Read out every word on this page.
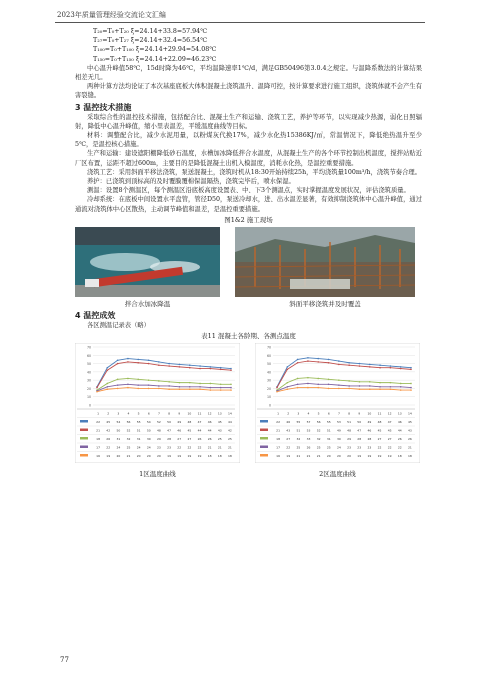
2023年质量管理经验交流论文汇编
T₂₀=T₀+T₂₀ ξ=24.14+33.8=57.94℃
T₂₇=T₀+T₂₇ ξ=24.14+32.4=56.54℃
T₁₀₀=T₀+T₁₀₀ ξ=24.14+29.94=54.08℃
T₁₅₀=T₀+T₁₅₀ ξ=24.14+22.09=46.23℃

中心温升峰值58℃，15d时降为46℃，平均温降速率1℃/d，满足GB50496第3.0.4之规定。与温降系数法的计算结果相差无几。

两种计算方法均论证了本次基座底板大体积混凝土浇筑温升、温降可控，按计算要求进行施工组织，浇筑体就不会产生有害裂缝。

3 温控技术措施

采取综合性的温控技术措施，包括配合比、混凝土生产和运输、浇筑工艺，养护等环节，以实现减少热源，弱化日照辐射，降低中心温升峰值，缩小里表温差，平缓温度曲线等目标。

材料：调整配合比，减少水泥用量，以粉煤灰代换17%，减少水化热15386KJ/㎡，常温情况下，降低绝热温升至少5℃，是温控核心措施。

生产和运输：建设遮阳棚降低砂石温度，水槽加冰降低拌合水温度，从混凝土生产的各个环节控制出机温度，搅拌站贴近厂区布置，运距不超过600m，主要目的是降低混凝土出机入模温度，消耗水化热，是温控重要措施。

浇筑工艺：采用斜面平移法浇筑，泵送混凝土，浇筑时机从18:30开始持续25h，平均浇筑量100m³/h，浇筑节奏合理。

养护：已浇筑到顶标高的及时覆膜覆棉保温隔热，浇筑完毕后，喷水保湿。

测温：设置8个测温区，每个测温区沿底板高度设置表、中、下3个测温点，实时掌握温度发展状况，评估浇筑质量。

冷却系统：在底板中间设置水平盘管，管径D50，泵送冷却水，进、出水温差显著，有效抑制浇筑体中心温升峰值，通过通流对浇筑体中心区散热，主动调节峰值和温差，是温控重要措施。

图1&2 施工现场
拌合水加冰降温	斜面平移浇筑并及时覆盖
4 温控成效
各区测温记录表（略）
表11 混凝土各龄期、各测点温度
0
10
20
30
40
50
60
70
1	2	3	4	5	6	7	8	9 10 11 12 13 14
22 45 54 56 55 54 52 50 49 48 47 46 45 44
21 42 50 52 51 50 48 47 46 45 44 44 43 42
18 26 31 32 31 30 29 28 27 27 26 26 25 25
17 22 24 25 24 24 23 23 22 22 22 21 21 21
16 19 20 21 20 20 20 19 19 19 19 18 18 18
0
10
20
30
40
50
60
70
1	2	3	4	5	6	7	8	9 10 11 12 13 14
22 46 55 57 56 55 53 51 50 49 48 47 46 45
21 43 51 53 52 51 49 48 47 46 45 45 44 43
18 27 32 33 32 31 30 29 28 28 27 27 26 26
17 22 25 26 25 25 24 23 23 23 22 22 22 21
16 19 21 21 21 20 20 20 19 19 19 19 18 18
1区温度曲线	2区温度曲线
77
